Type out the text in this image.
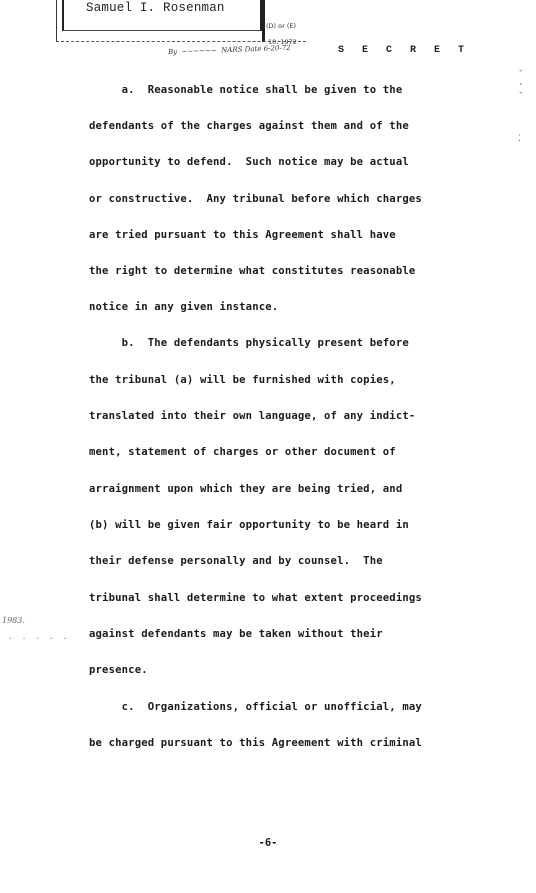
Samuel I. Rosenman
(D) or (E)
10, 1972
By  ~~~~~~  NARS Date 6-20-72	S E C R E T
-
·
-
⁚
1983.
. . . . .
a.  Reasonable notice shall be given to the
defendants of the charges against them and of the
opportunity to defend.  Such notice may be actual
or constructive.  Any tribunal before which charges
are tried pursuant to this Agreement shall have
the right to determine what constitutes reasonable
notice in any given instance.
b.  The defendants physically present before
the tribunal (a) will be furnished with copies,
translated into their own language, of any indict-
ment, statement of charges or other document of
arraignment upon which they are being tried, and
(b) will be given fair opportunity to be heard in
their defense personally and by counsel.  The
tribunal shall determine to what extent proceedings
against defendants may be taken without their
presence.
c.  Organizations, official or unofficial, may
be charged pursuant to this Agreement with criminal
-6-
